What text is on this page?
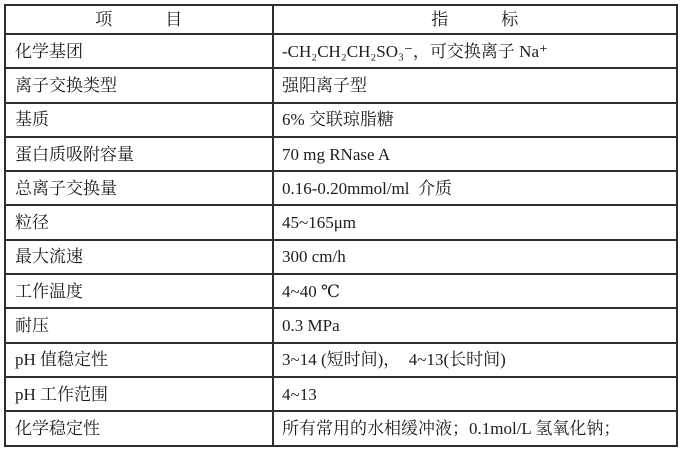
项　　　目	指　　　标
化学基团	-CH₂CH₂CH₂SO₃⁻，可交换离子 Na⁺
离子交换类型	强阳离子型
基质	6% 交联琼脂糖
蛋白质吸附容量	70 mg RNase A
总离子交换量	0.16-0.20mmol/ml  介质
粒径	45~165μm
最大流速	300 cm/h
工作温度	4~40 ℃
耐压	0.3 MPa
pH 值稳定性	3~14 (短时间)，  4~13(长时间)
pH 工作范围	4~13
化学稳定性	所有常用的水相缓冲液；0.1mol/L 氢氧化钠；
